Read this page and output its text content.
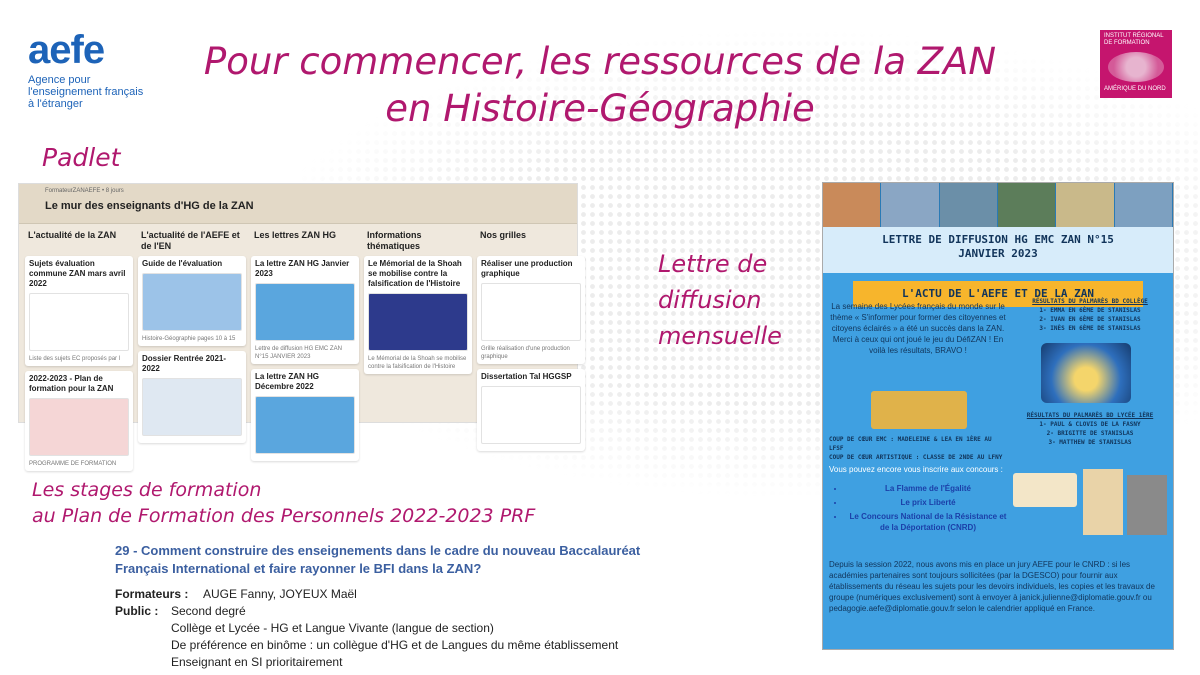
aefe
Agence pour l'enseignement français à l'étranger
Pour commencer, les ressources de la ZAN
en Histoire-Géographie
INSTITUT RÉGIONAL DE FORMATION
AMÉRIQUE DU NORD
Padlet
FormateurZANAEFE • 8 jours
Le mur des enseignants d'HG de la ZAN
L'actualité de la ZAN
Sujets évaluation commune ZAN mars avril 2022
Liste des sujets EC proposés par l
2022-2023 - Plan de formation pour la ZAN
PROGRAMME DE FORMATION
L'actualité de l'AEFE et de l'EN
Guide de l'évaluation
Histoire-Géographie pages 10 à 15
Dossier Rentrée 2021-2022
Les lettres ZAN HG
La lettre ZAN HG Janvier 2023
Lettre de diffusion HG EMC ZAN N°15 JANVIER 2023
La lettre ZAN HG Décembre 2022
Informations thématiques
Le Mémorial de la Shoah se mobilise contre la falsification de l'Histoire
Le Mémorial de la Shoah se mobilise contre la falsification de l'Histoire
Nos grilles
Réaliser une production graphique
Grille réalisation d'une production graphique
Dissertation Tal HGGSP
Lettre de
diffusion
mensuelle
LETTRE DE DIFFUSION HG EMC ZAN N°15
JANVIER 2023
L'ACTU DE L'AEFE ET DE LA ZAN
La semaine des Lycées français du monde sur le thème « S'informer pour former des citoyennes et citoyens éclairés » a été un succès dans la ZAN. Merci à ceux qui ont joué le jeu du DéfiZAN ! En voilà les résultats, BRAVO !
RÉSULTATS DU PALMARÈS BD COLLÈGE
1- EMMA EN 6ÈME DE STANISLAS
2- IVAN EN 6ÈME DE STANISLAS
3- INÈS EN 6ÈME DE STANISLAS
RÉSULTATS DU PALMARÈS BD LYCÉE 1ÈRE
1- PAUL & CLOVIS DE LA FASNY
2- BRIGITTE DE STANISLAS
3- MATTHEW DE STANISLAS
COUP DE CŒUR EMC : MADELEINE & LEA EN 1ÈRE AU LFSF
COUP DE CŒUR ARTISTIQUE : CLASSE DE 2NDE AU LFNY
Vous pouvez encore vous inscrire aux concours :
• La Flamme de l'Égalité
• Le prix Liberté
• Le Concours National de la Résistance et de la Déportation (CNRD)
Depuis la session 2022, nous avons mis en place un jury AEFE pour le CNRD : si les académies partenaires sont toujours sollicitées (par la DGESCO) pour fournir aux établissements du réseau les sujets pour les devoirs individuels, les copies et les travaux de groupe (numériques exclusivement) sont à envoyer à janick.julienne@diplomatie.gouv.fr ou pedagogie.aefe@diplomatie.gouv.fr selon le calendrier appliqué en France.
Les stages de formation
au Plan de Formation des Personnels 2022-2023 PRF
29 - Comment construire des enseignements dans le cadre du nouveau Baccalauréat Français International et faire rayonner le BFI dans la ZAN?
Formateurs :	AUGE Fanny, JOYEUX Maël
Public :	Second degré
Collège et Lycée - HG et Langue Vivante (langue de section)
De préférence en binôme : un collègue d'HG et de Langues du même établissement
Enseignant en SI prioritairement
